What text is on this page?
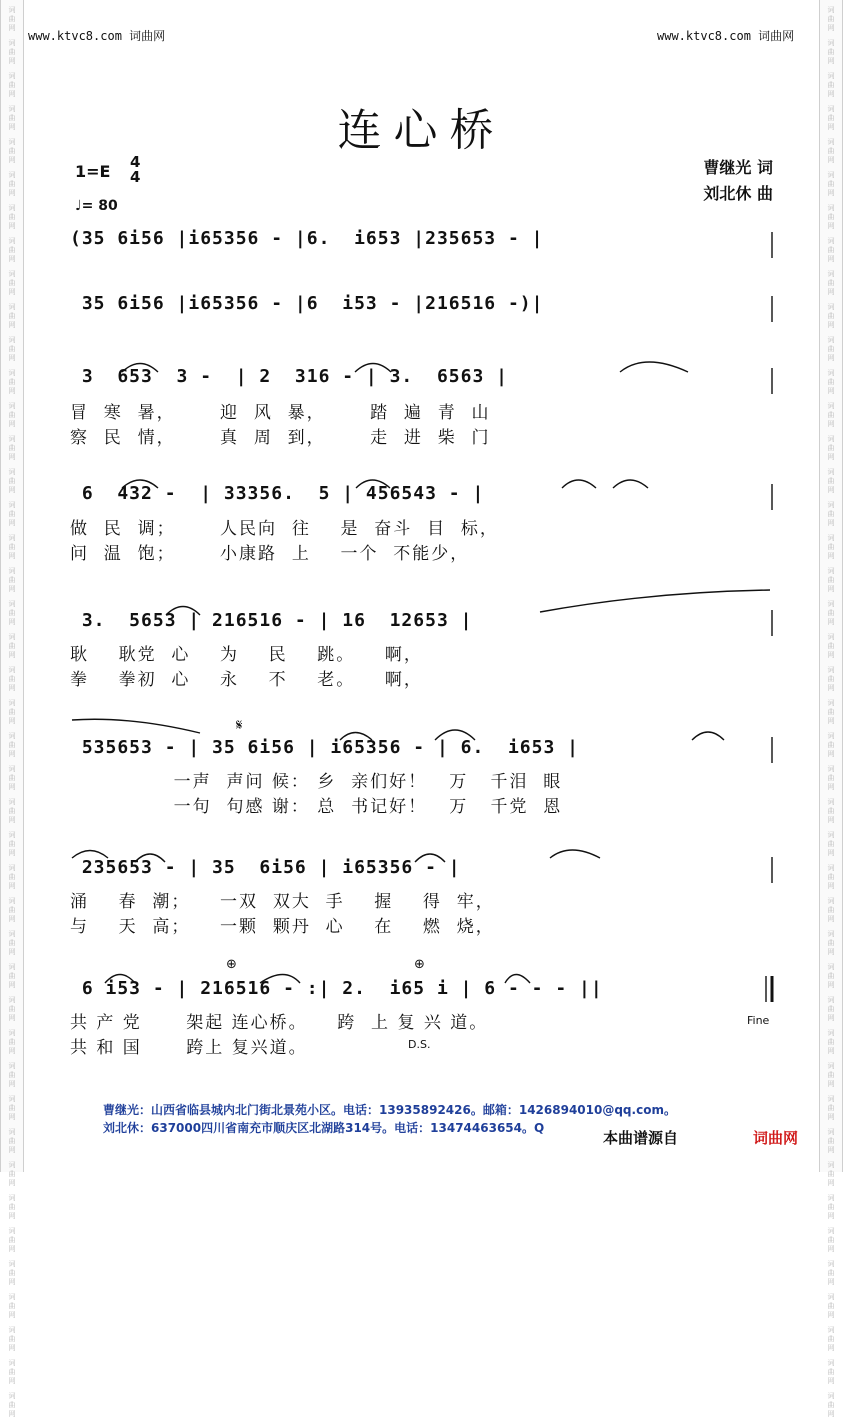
词
曲
网
词
曲
网
词
曲
网
词
曲
网
词
曲
网
词
曲
网
词
曲
网
词
曲
网
词
曲
网
词
曲
网
词
曲
网
词
曲
网
词
曲
网
词
曲
网
词
曲
网
词
曲
网
词
曲
网
词
曲
网
词
曲
网
词
曲
网
词
曲
网
词
曲
网
词
曲
网
词
曲
网
词
曲
网
词
曲
网
词
曲
网
词
曲
网
词
曲
网
词
曲
网
词
曲
网
词
曲
网
词
曲
网
词
曲
网
词
曲
网
词
曲
网
词
曲
网
词
曲
网
词
曲
网
词
曲
网
词
曲
网
词
曲
网
词
曲
网
词
曲
网
词
曲
网
词
曲
网
词
曲
网
词
曲
网
词
曲
网
词
曲
网
词
曲
网
词
曲
网
词
曲
网
词
曲
网
词
曲
网
词
曲
网
词
曲
网
词
曲
网
词
曲
网
词
曲
网
词
曲
网
词
曲
网
词
曲
网
词
曲
网
词
曲
网
词
曲
网
词
曲
网
词
曲
网
词
曲
网
词
曲
网
词
曲
网
词
曲
网
词
曲
网
词
曲
网
词
曲
网
词
曲
网
词
曲
网
词
曲
网
词
曲
网
词
曲
网
词
曲
网
词
曲
网
词
曲
网
词
曲
网
词
曲
网
词
曲
网
www.ktvc8.com 词曲网	www.ktvc8.com 词曲网
连心桥
1=E 4
4
♩= 80
曹继光 词
刘北休 曲
(35 6i56 |i65356 - |6.  i653 |235653 - |
35 6i56 |i65356 - |6  i53 - |216516 -)|
3  653  3 -  | 2  316 - | 3.  6563 |
冒  寒  暑，      迎  风  暴，      踏  遍  青  山
察  民  情，      真  周  到，      走  进  柴  门
6  432 -  | 33356.  5 | 456543 - |
做  民  调；      人民向  往    是  奋斗  目  标，
问  温  饱；      小康路  上    一个  不能少，
3.  5653 | 216516 - | 16  12653 |
耿    耿党  心    为    民    跳。    啊，
拳    拳初  心    永    不    老。    啊，
535653 - | 35 6i56 | i65356 - | 6.  i653 |
一声  声问 候： 乡  亲们好！   万   千泪  眼
一句  句感 谢： 总  书记好！   万   千党  恩
235653 - | 35  6i56 | i65356 - |
涌    春  潮；    一双  双大  手    握    得  牢，
与    天  高；    一颗  颗丹  心    在    燃  烧，
6 i53 - | 216516 - :| 2.  i65 i | 6 - - - ||
共 产 党      架起 连心桥。    跨  上 复 兴 道。
共 和 国      跨上 复兴道。
Fine
D.S.
𝄋
⊕	⊕
曹继光：山西省临县城内北门街北景苑小区。电话：13935892426。邮箱：1426894010@qq.com。
刘北休：637000四川省南充市顺庆区北湖路314号。电话：13474463654。Q
本曲谱源自	词曲网
